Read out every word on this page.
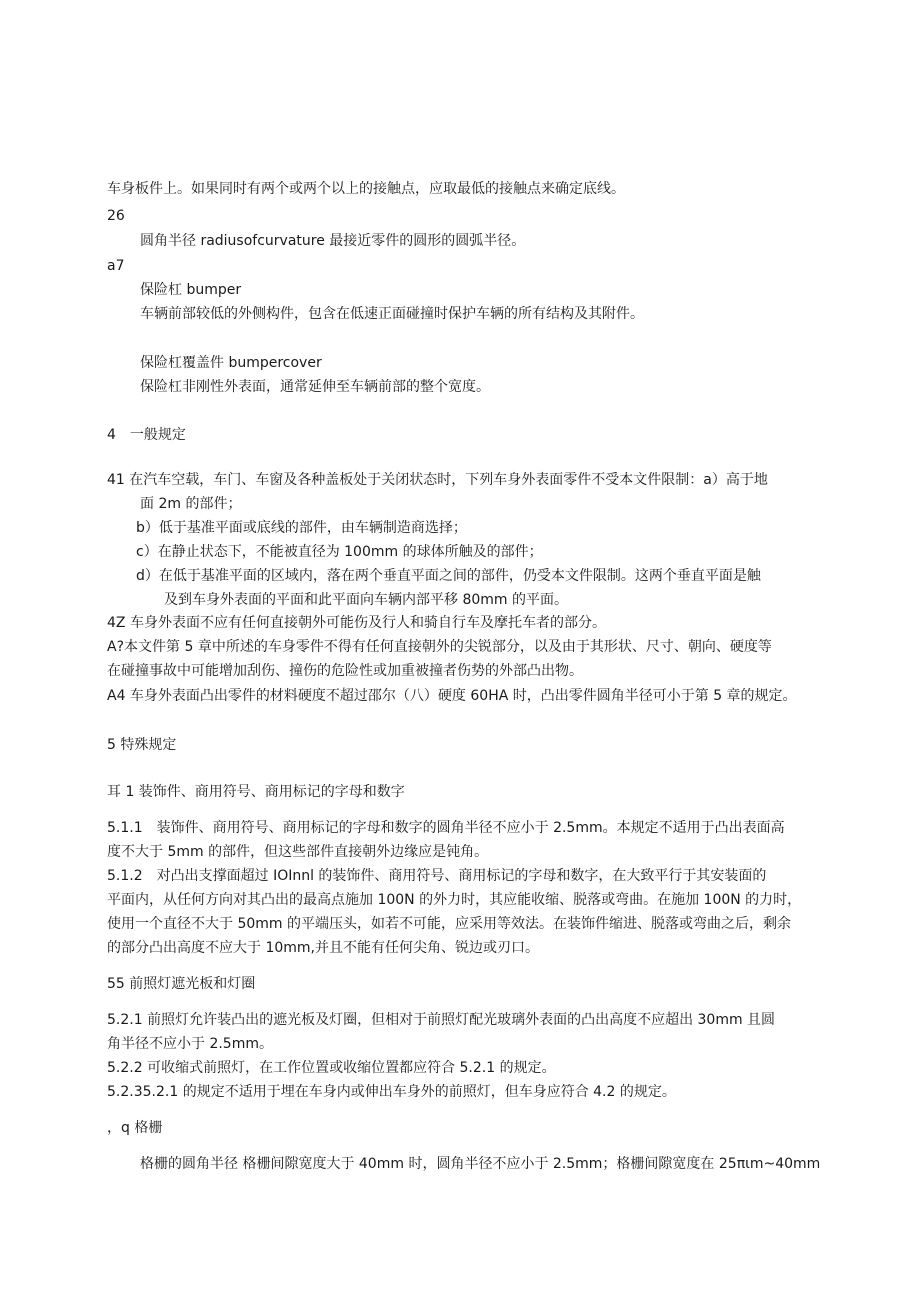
车身板件上。如果同时有两个或两个以上的接触点，应取最低的接触点来确定底线。
26
圆角半径 radiusofcurvature 最接近零件的圆形的圆弧半径。
a7
保险杠 bumper
车辆前部较低的外侧构件，包含在低速正面碰撞时保护车辆的所有结构及其附件。
保险杠覆盖件 bumpercover
保险杠非刚性外表面，通常延伸至车辆前部的整个宽度。
4　一般规定
41 在汽车空载，车门、车窗及各种盖板处于关闭状态时，下列车身外表面零件不受本文件限制：a）高于地
面 2m 的部件；
b）低于基准平面或底线的部件，由车辆制造商选择；
c）在静止状态下，不能被直径为 100mm 的球体所触及的部件；
d）在低于基准平面的区域内，落在两个垂直平面之间的部件，仍受本文件限制。这两个垂直平面是触
及到车身外表面的平面和此平面向车辆内部平移 80mm 的平面。
4Z 车身外表面不应有任何直接朝外可能伤及行人和骑自行车及摩托车者的部分。
A?本文件第 5 章中所述的车身零件不得有任何直接朝外的尖锐部分，以及由于其形状、尺寸、朝向、硬度等
在碰撞事故中可能增加刮伤、撞伤的危险性或加重被撞者伤势的外部凸出物。
A4 车身外表面凸出零件的材料硬度不超过邵尔（八）硬度 60HA 时，凸出零件圆角半径可小于第 5 章的规定。
5 特殊规定
耳 1 装饰件、商用符号、商用标记的字母和数字
5.1.1　装饰件、商用符号、商用标记的字母和数字的圆角半径不应小于 2.5mm。本规定不适用于凸出表面高
度不大于 5mm 的部件，但这些部件直接朝外边缘应是钝角。
5.1.2　对凸出支撑面超过 IOInnl 的装饰件、商用符号、商用标记的字母和数字，在大致平行于其安装面的
平面内，从任何方向对其凸出的最高点施加 100N 的外力时，其应能收缩、脱落或弯曲。在施加 100N 的力时，
使用一个直径不大于 50mm 的平端压头，如若不可能，应采用等效法。在装饰件缩进、脱落或弯曲之后，剩余
的部分凸出高度不应大于 10mm,并且不能有任何尖角、锐边或刃口。
55 前照灯遮光板和灯圈
5.2.1 前照灯允许装凸出的遮光板及灯圈，但相对于前照灯配光玻璃外表面的凸出高度不应超出 30mm 且圆
角半径不应小于 2.5mm。
5.2.2 可收缩式前照灯，在工作位置或收缩位置都应符合 5.2.1 的规定。
5.2.35.2.1 的规定不适用于埋在车身内或伸出车身外的前照灯，但车身应符合 4.2 的规定。
，q 格栅
格栅的圆角半径 格栅间隙宽度大于 40mm 时，圆角半径不应小于 2.5mm；格栅间隙宽度在 25πιm~40mm
